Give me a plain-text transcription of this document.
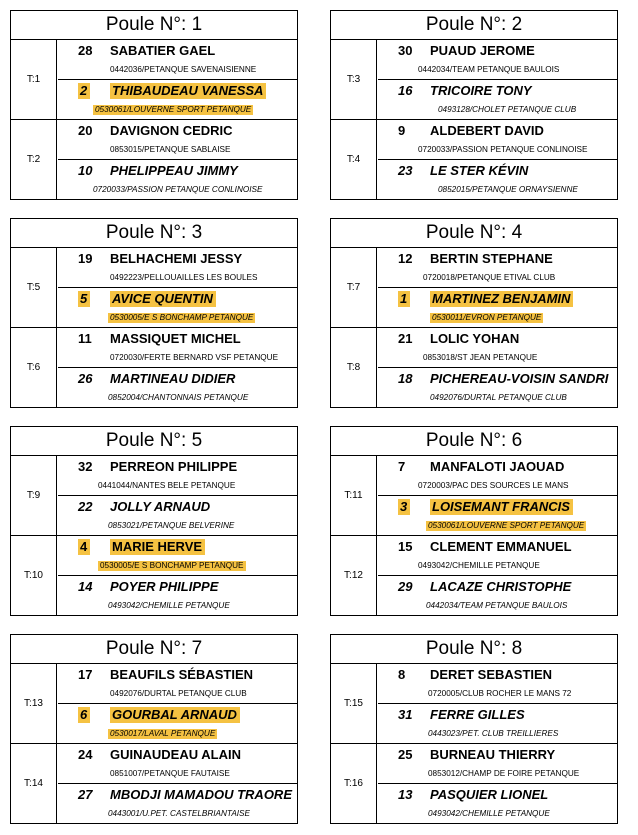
Poule N°: 1
T:1
28 SABATIER GAEL
0442036/PETANQUE SAVENAISIENNE
2 THIBAUDEAU VANESSA
0530061/LOUVERNE SPORT PETANQUE
T:2
20 DAVIGNON CEDRIC
0853015/PETANQUE SABLAISE
10 PHELIPPEAU JIMMY
0720033/PASSION PETANQUE CONLINOISE
Poule N°: 2
T:3
30 PUAUD JEROME
0442034/TEAM PETANQUE BAULOIS
16 TRICOIRE TONY
0493128/CHOLET PETANQUE CLUB
T:4
9 ALDEBERT DAVID
0720033/PASSION PETANQUE CONLINOISE
23 LE STER KÉVIN
0852015/PETANQUE ORNAYSIENNE
Poule N°: 3
T:5
19 BELHACHEMI JESSY
0492223/PELLOUAILLES LES BOULES
5 AVICE QUENTIN
0530005/E S BONCHAMP PETANQUE
T:6
11 MASSIQUET MICHEL
0720030/FERTE BERNARD VSF PETANQUE
26 MARTINEAU DIDIER
0852004/CHANTONNAIS PETANQUE
Poule N°: 4
T:7
12 BERTIN STEPHANE
0720018/PETANQUE ETIVAL CLUB
1 MARTINEZ BENJAMIN
0530011/EVRON PETANQUE
T:8
21 LOLIC YOHAN
0853018/ST JEAN PETANQUE
18 PICHEREAU-VOISIN SANDRI
0492076/DURTAL PETANQUE CLUB
Poule N°: 5
T:9
32 PERREON PHILIPPE
0441044/NANTES BELE PETANQUE
22 JOLLY ARNAUD
0853021/PETANQUE BELVERINE
T:10
4 MARIE HERVE
0530005/E S BONCHAMP PETANQUE
14 POYER PHILIPPE
0493042/CHEMILLE PETANQUE
Poule N°: 6
T:11
7 MANFALOTI JAOUAD
0720003/PAC DES SOURCES LE MANS
3 LOISEMANT FRANCIS
0530061/LOUVERNE SPORT PETANQUE
T:12
15 CLEMENT EMMANUEL
0493042/CHEMILLE PETANQUE
29 LACAZE CHRISTOPHE
0442034/TEAM PETANQUE BAULOIS
Poule N°: 7
T:13
17 BEAUFILS SÉBASTIEN
0492076/DURTAL PETANQUE CLUB
6 GOURBAL ARNAUD
0530017/LAVAL PETANQUE
T:14
24 GUINAUDEAU ALAIN
0851007/PETANQUE FAUTAISE
27 MBODJI MAMADOU TRAORE
0443001/U.PET. CASTELBRIANTAISE
Poule N°: 8
T:15
8 DERET SEBASTIEN
0720005/CLUB ROCHER LE MANS 72
31 FERRE GILLES
0443023/PET. CLUB TREILLIERES
T:16
25 BURNEAU THIERRY
0853012/CHAMP DE FOIRE PETANQUE
13 PASQUIER LIONEL
0493042/CHEMILLE PETANQUE
